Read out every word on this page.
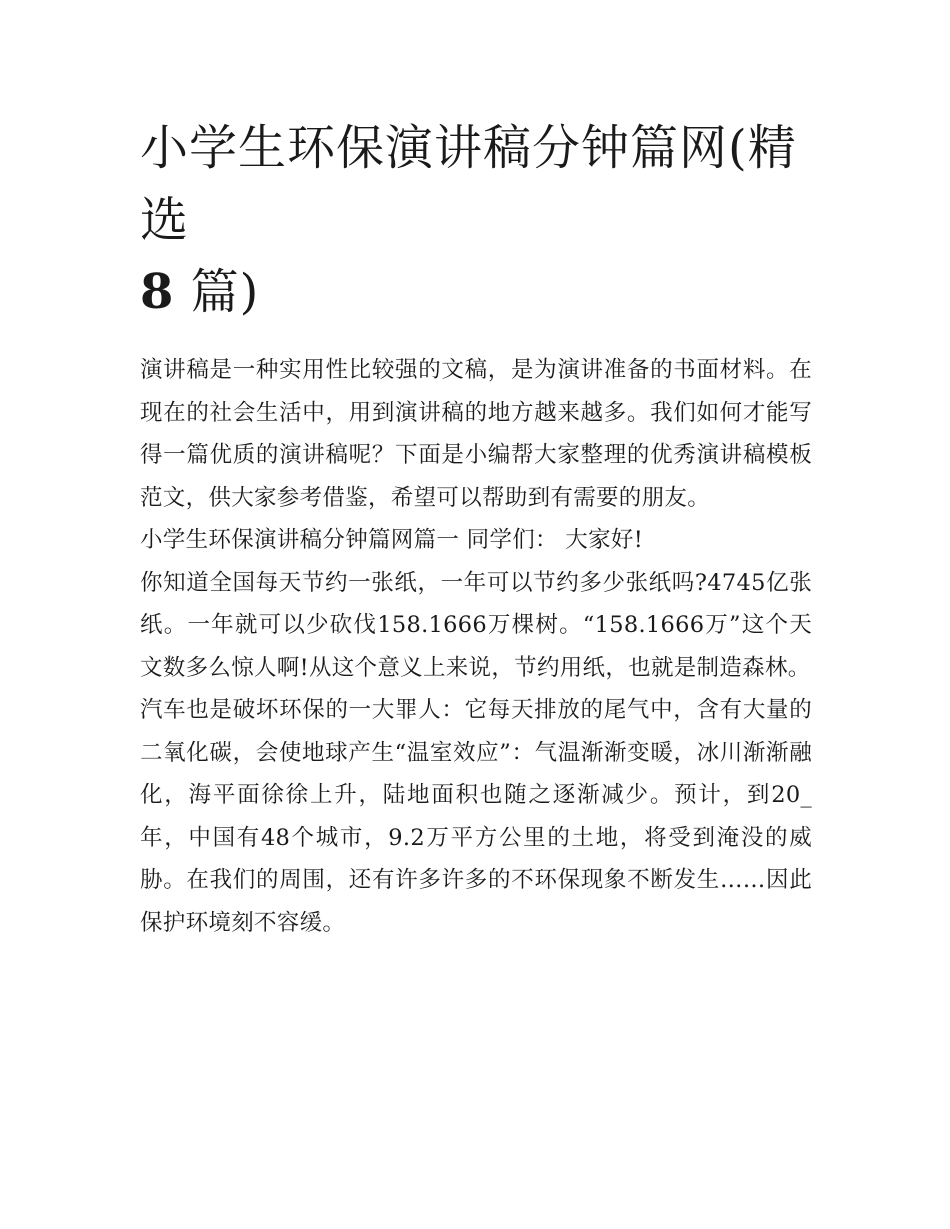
小学生环保演讲稿分钟篇网(精选
8 篇)

演讲稿是一种实用性比较强的文稿，是为演讲准备的书面材料。在现在的社会生活中，用到演讲稿的地方越来越多。我们如何才能写得一篇优质的演讲稿呢？下面是小编帮大家整理的优秀演讲稿模板范文，供大家参考借鉴，希望可以帮助到有需要的朋友。

小学生环保演讲稿分钟篇网篇一 同学们： 大家好!

你知道全国每天节约一张纸，一年可以节约多少张纸吗?4745亿张纸。一年就可以少砍伐158.1666万棵树。“158.1666万”这个天文数多么惊人啊!从这个意义上来说，节约用纸，也就是制造森林。

汽车也是破坏环保的一大罪人：它每天排放的尾气中，含有大量的二氧化碳，会使地球产生“温室效应”：气温渐渐变暖，冰川渐渐融化，海平面徐徐上升，陆地面积也随之逐渐减少。预计，到20_年，中国有48个城市，9.2万平方公里的土地，将受到淹没的威胁。在我们的周围，还有许多许多的不环保现象不断发生……因此保护环境刻不容缓。
